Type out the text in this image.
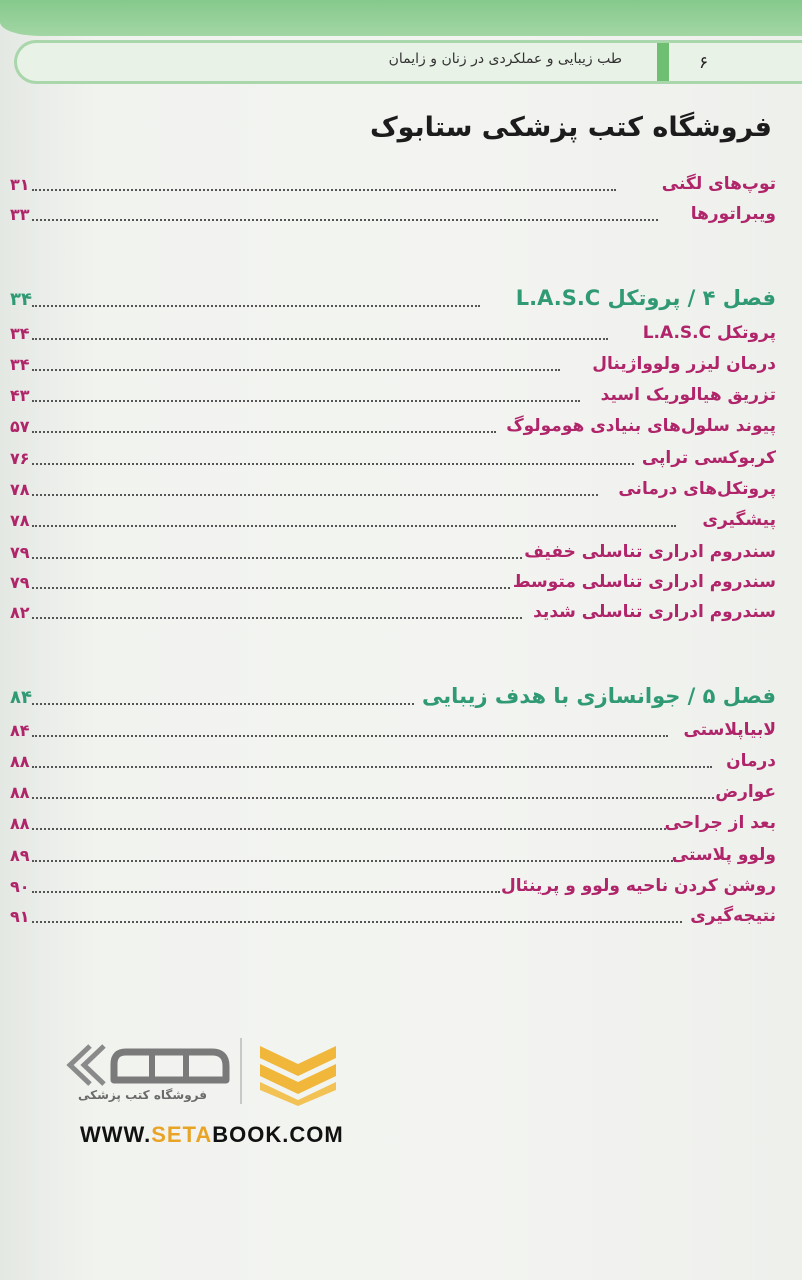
طب زیبایی و عملکردی در زنان و زایمان	۶
فروشگاه کتب پزشکی ستابوک
توپ‌های لگنی
۳۱
ویبراتورها
۳۳
فصل ۴ / پروتکل L.A.S.C
۳۴
پروتکل L.A.S.C
۳۴
درمان لیزر ولوواژینال
۳۴
تزریق هیالوریک اسید
۴۳
پیوند سلول‌های بنیادی هومولوگ
۵۷
کربوکسی تراپی
۷۶
پروتکل‌های درمانی
۷۸
پیشگیری
۷۸
سندروم ادراری تناسلی خفیف
۷۹
سندروم ادراری تناسلی متوسط
۷۹
سندروم ادراری تناسلی شدید
۸۲
فصل ۵ / جوانسازی با هدف زیبایی
۸۴
لابیاپلاستی
۸۴
درمان
۸۸
عوارض
۸۸
بعد از جراحی
۸۸
ولوو پلاستی
۸۹
روشن کردن ناحیه ولوو و پرینئال
۹۰
نتیجه‌گیری
۹۱
فروشگاه کتب پزشکی
WWW.SETABOOK.COM
